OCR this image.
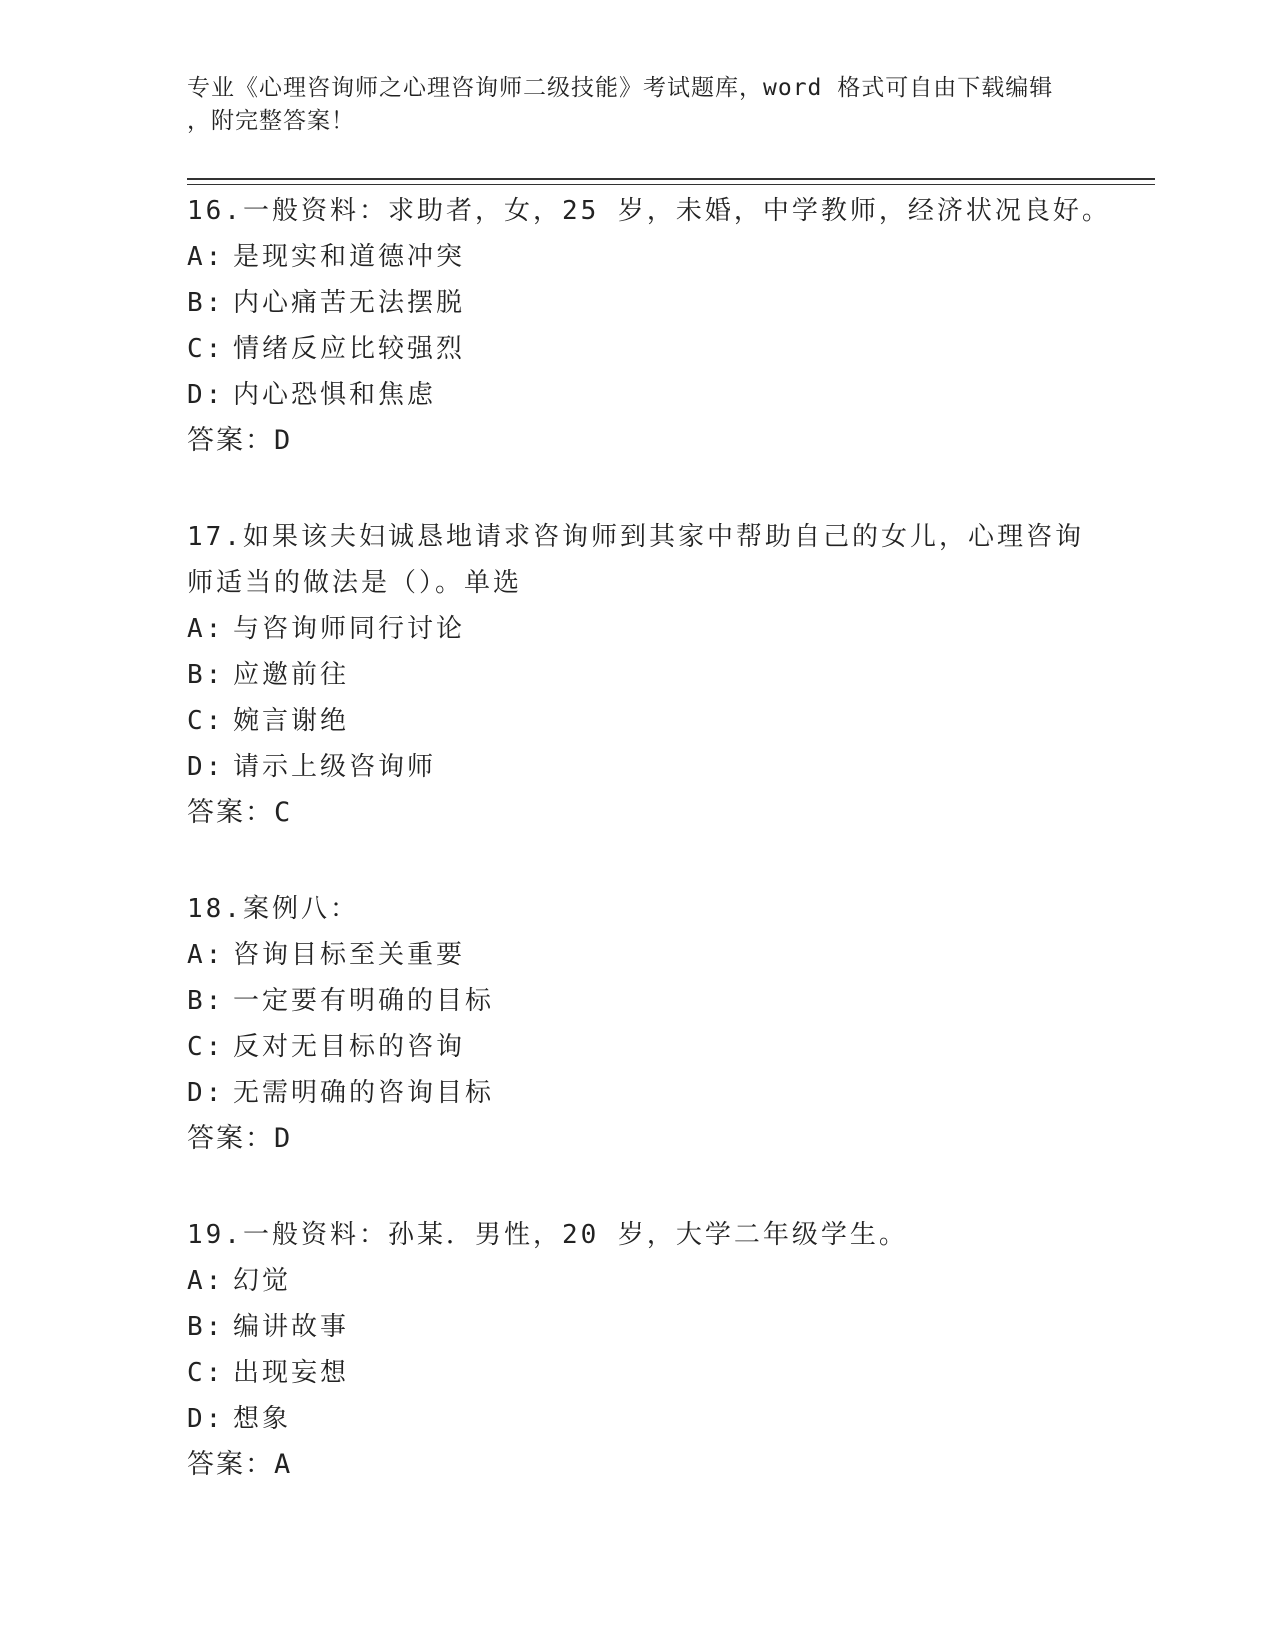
专业《心理咨询师之心理咨询师二级技能》考试题库，word 格式可自由下载编辑
，附完整答案！
16.一般资料：求助者，女，25 岁，未婚，中学教师，经济状况良好。
A: 是现实和道德冲突
B: 内心痛苦无法摆脱
C: 情绪反应比较强烈
D: 内心恐惧和焦虑
答案：D
17.如果该夫妇诚恳地请求咨询师到其家中帮助自己的女儿，心理咨询
师适当的做法是（）。单选
A: 与咨询师同行讨论
B: 应邀前往
C: 婉言谢绝
D: 请示上级咨询师
答案：C
18.案例八：
A: 咨询目标至关重要
B: 一定要有明确的目标
C: 反对无目标的咨询
D: 无需明确的咨询目标
答案：D
19.一般资料：孙某．男性，20 岁，大学二年级学生。
A: 幻觉
B: 编讲故事
C: 出现妄想
D: 想象
答案：A
